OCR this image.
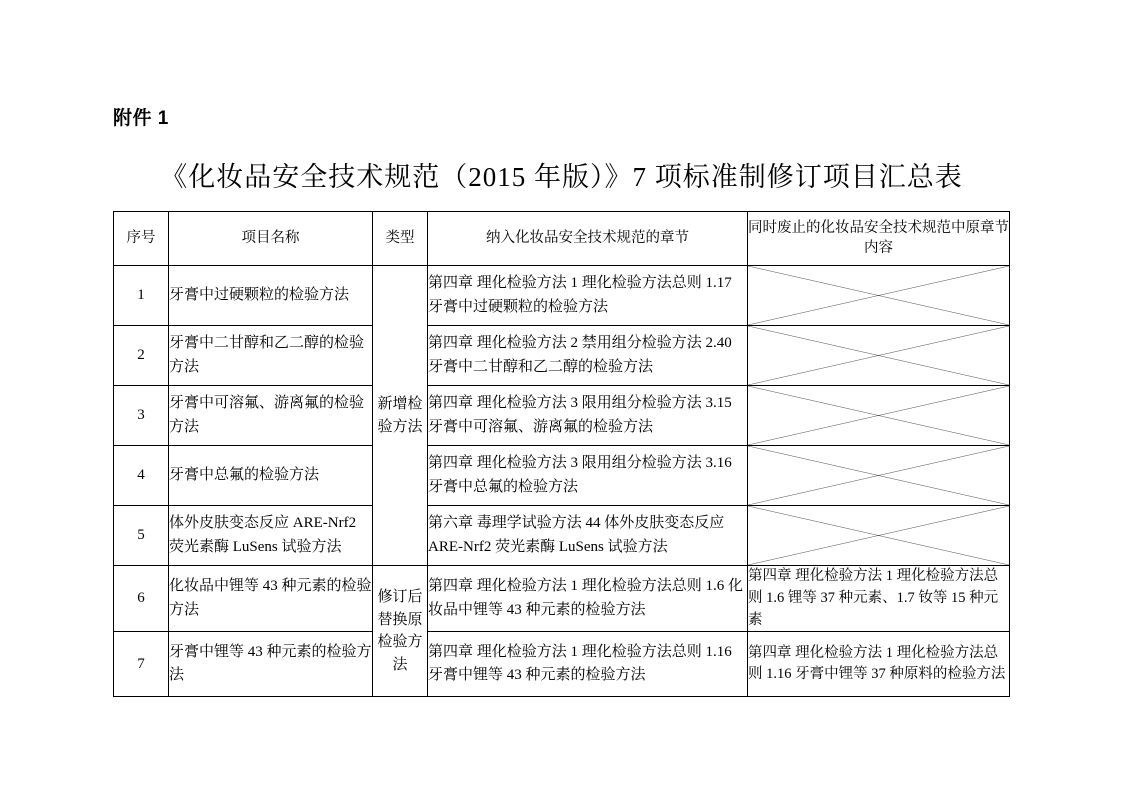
附件 1
《化妆品安全技术规范（2015 年版）》7 项标准制修订项目汇总表
序号	项目名称	类型	纳入化妆品安全技术规范的章节	同时废止的化妆品安全技术规范中原章节内容
1	牙膏中过硬颗粒的检验方法	新增检验方法	第四章 理化检验方法 1 理化检验方法总则 1.17 牙膏中过硬颗粒的检验方法	

2	牙膏中二甘醇和乙二醇的检验方法		第四章 理化检验方法 2 禁用组分检验方法 2.40 牙膏中二甘醇和乙二醇的检验方法	

3	牙膏中可溶氟、游离氟的检验方法		第四章 理化检验方法 3 限用组分检验方法 3.15 牙膏中可溶氟、游离氟的检验方法	

4	牙膏中总氟的检验方法		第四章 理化检验方法 3 限用组分检验方法 3.16 牙膏中总氟的检验方法	

5	体外皮肤变态反应 ARE-Nrf2 荧光素酶 LuSens 试验方法		第六章 毒理学试验方法 44 体外皮肤变态反应 ARE-Nrf2 荧光素酶 LuSens 试验方法	

6	化妆品中锂等 43 种元素的检验方法	修订后替换原检验方法	第四章 理化检验方法 1 理化检验方法总则 1.6 化妆品中锂等 43 种元素的检验方法	第四章 理化检验方法 1 理化检验方法总则 1.6 锂等 37 种元素、1.7 钕等 15 种元素
7	牙膏中锂等 43 种元素的检验方法		第四章 理化检验方法 1 理化检验方法总则 1.16 牙膏中锂等 43 种元素的检验方法	第四章 理化检验方法 1 理化检验方法总则 1.16 牙膏中锂等 37 种原料的检验方法
